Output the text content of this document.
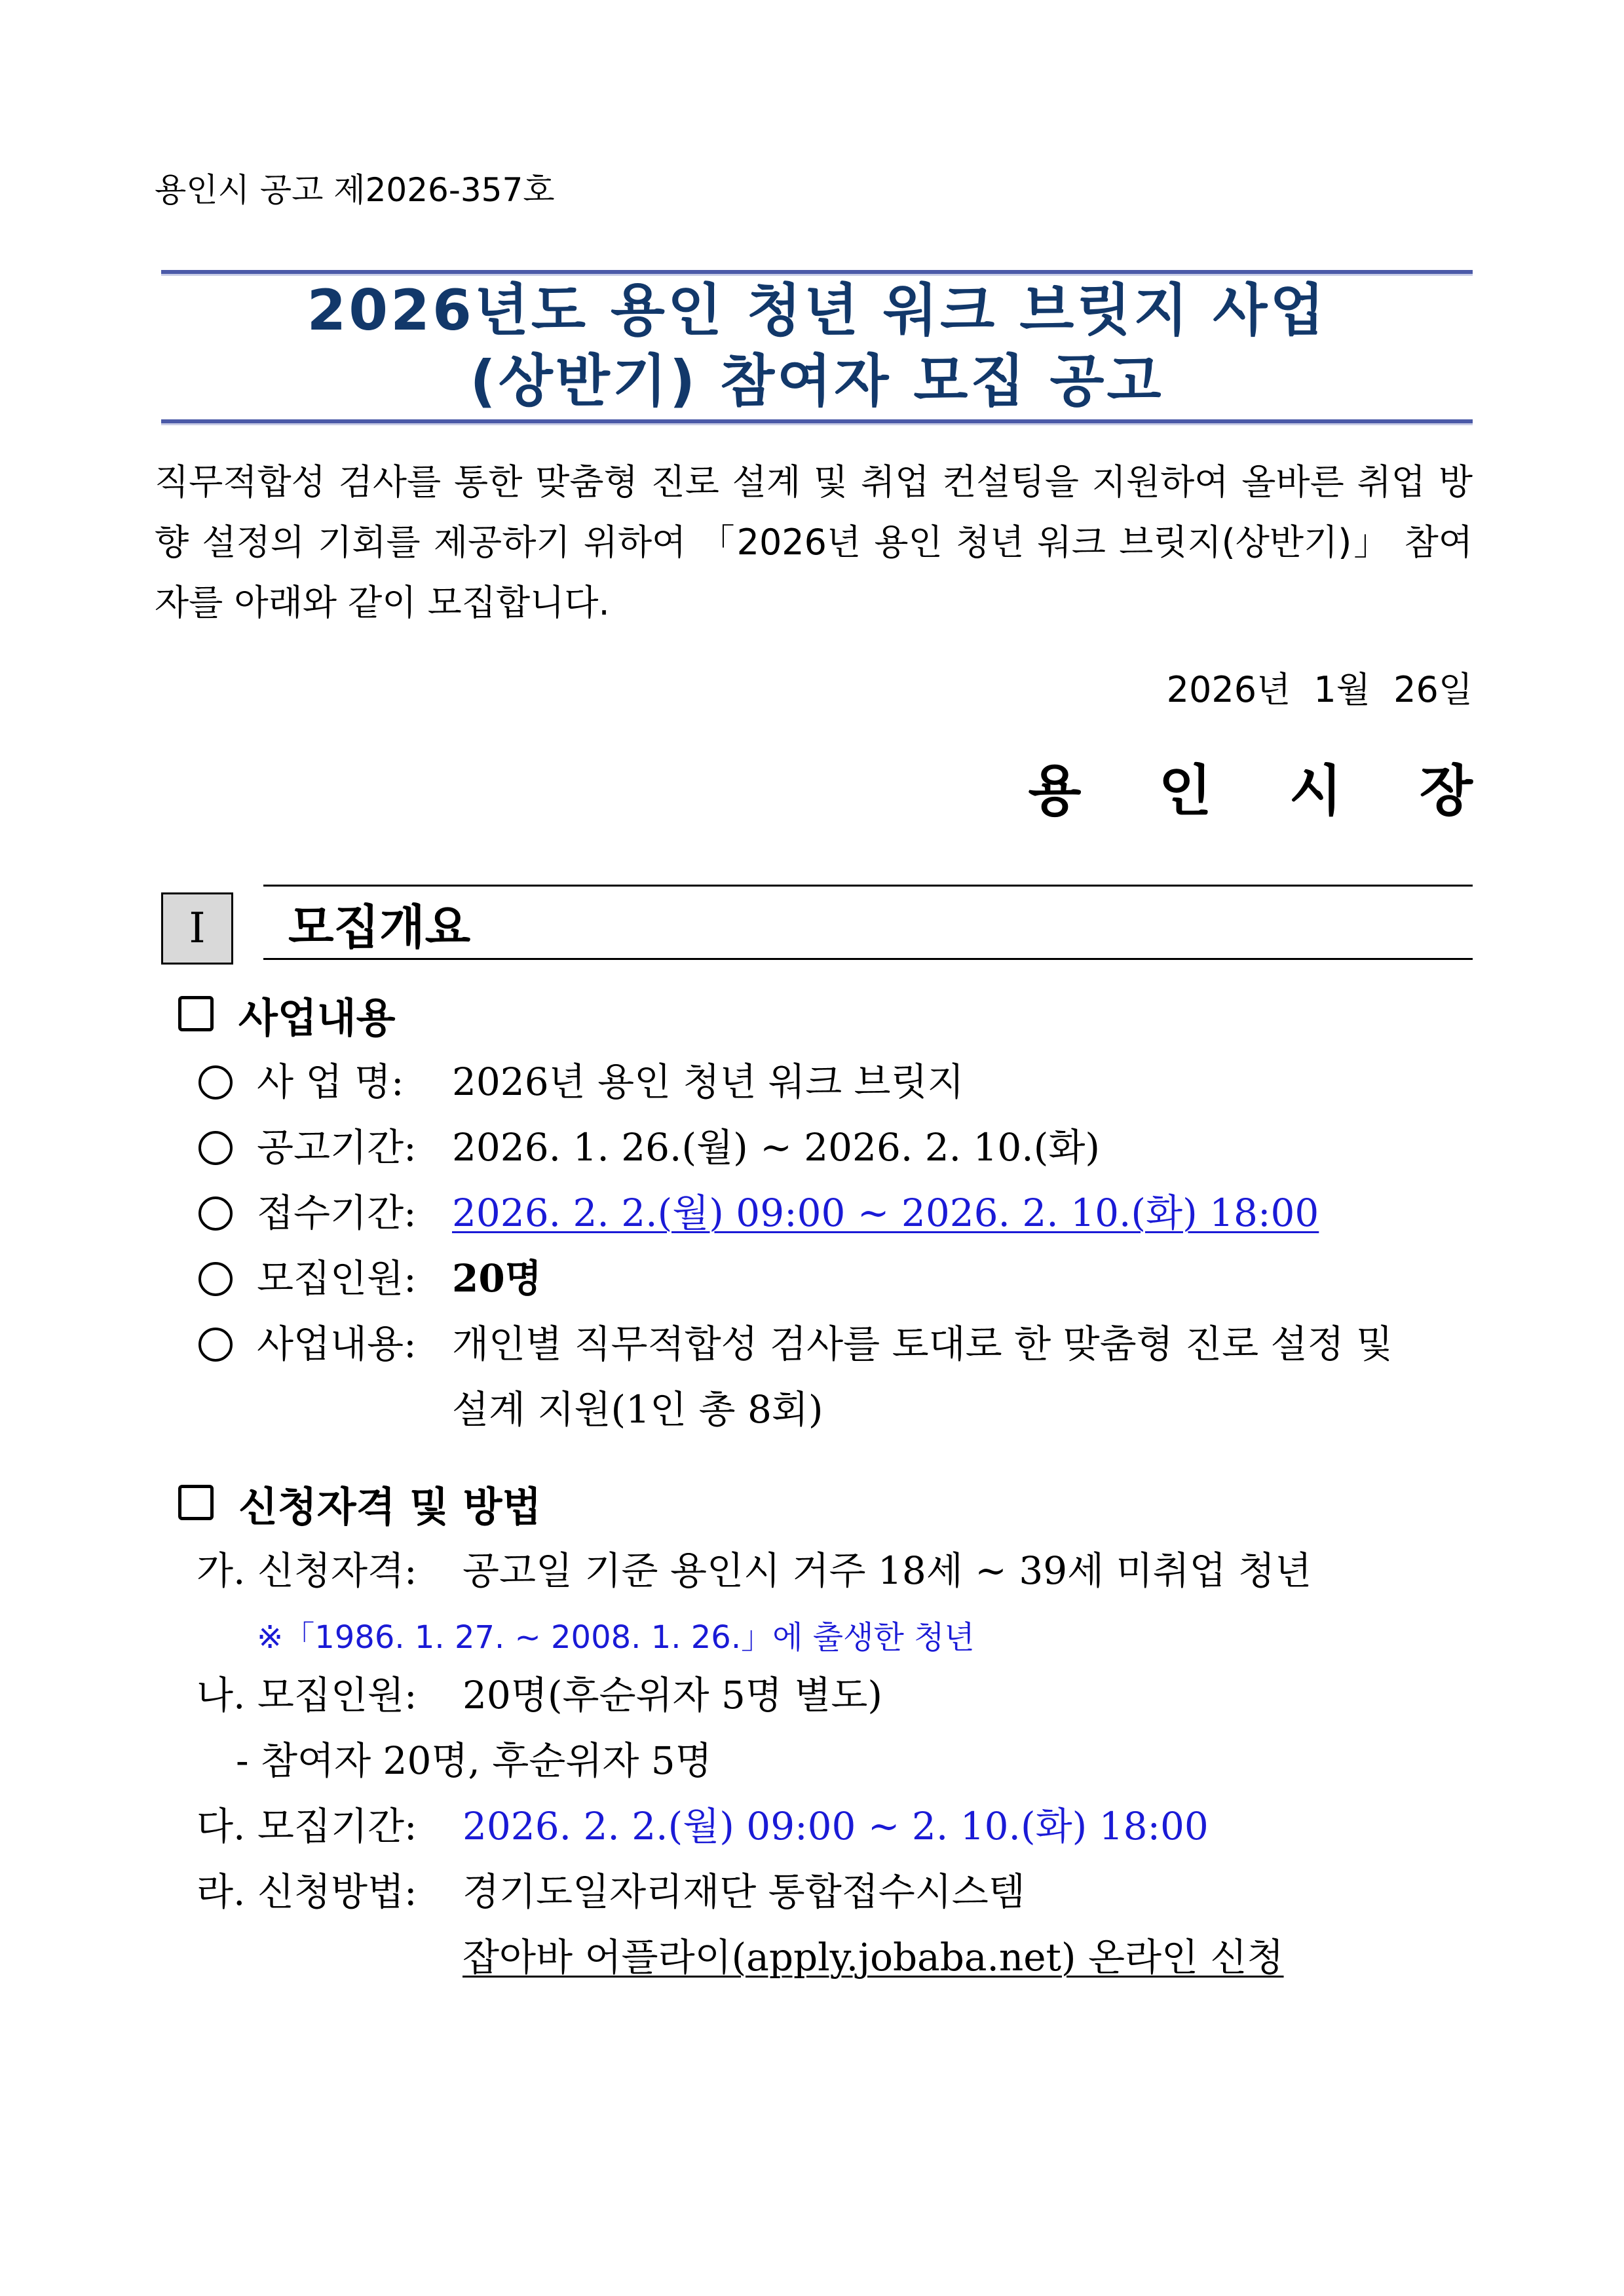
용인시 공고 제2026-357호
2026년도 용인 청년 워크 브릿지 사업
(상반기) 참여자 모집 공고
직무적합성 검사를 통한 맞춤형 진로 설계 및 취업 컨설팅을 지원하여 올바른 취업 방향 설정의 기회를 제공하기 위하여 「2026년 용인 청년 워크 브릿지(상반기)」 참여자를 아래와 같이 모집합니다.
2026년 1월 26일
용인시장
Ⅰ	모집개요
사업내용
사 업 명: 2026년 용인 청년 워크 브릿지
공고기간: 2026. 1. 26.(월) ~ 2026. 2. 10.(화)
접수기간: 2026. 2. 2.(월) 09:00 ~ 2026. 2. 10.(화) 18:00
모집인원: 20명
사업내용: 개인별 직무적합성 검사를 토대로 한 맞춤형 진로 설정 및
설계 지원(1인 총 8회)
신청자격 및 방법
가. 신청자격: 공고일 기준 용인시 거주 18세 ~ 39세 미취업 청년
※「1986. 1. 27. ~ 2008. 1. 26.」에 출생한 청년
나. 모집인원: 20명(후순위자 5명 별도)
- 참여자 20명, 후순위자 5명
다. 모집기간: 2026. 2. 2.(월) 09:00 ~ 2. 10.(화) 18:00
라. 신청방법: 경기도일자리재단 통합접수시스템
잡아바 어플라이(apply.jobaba.net) 온라인 신청
